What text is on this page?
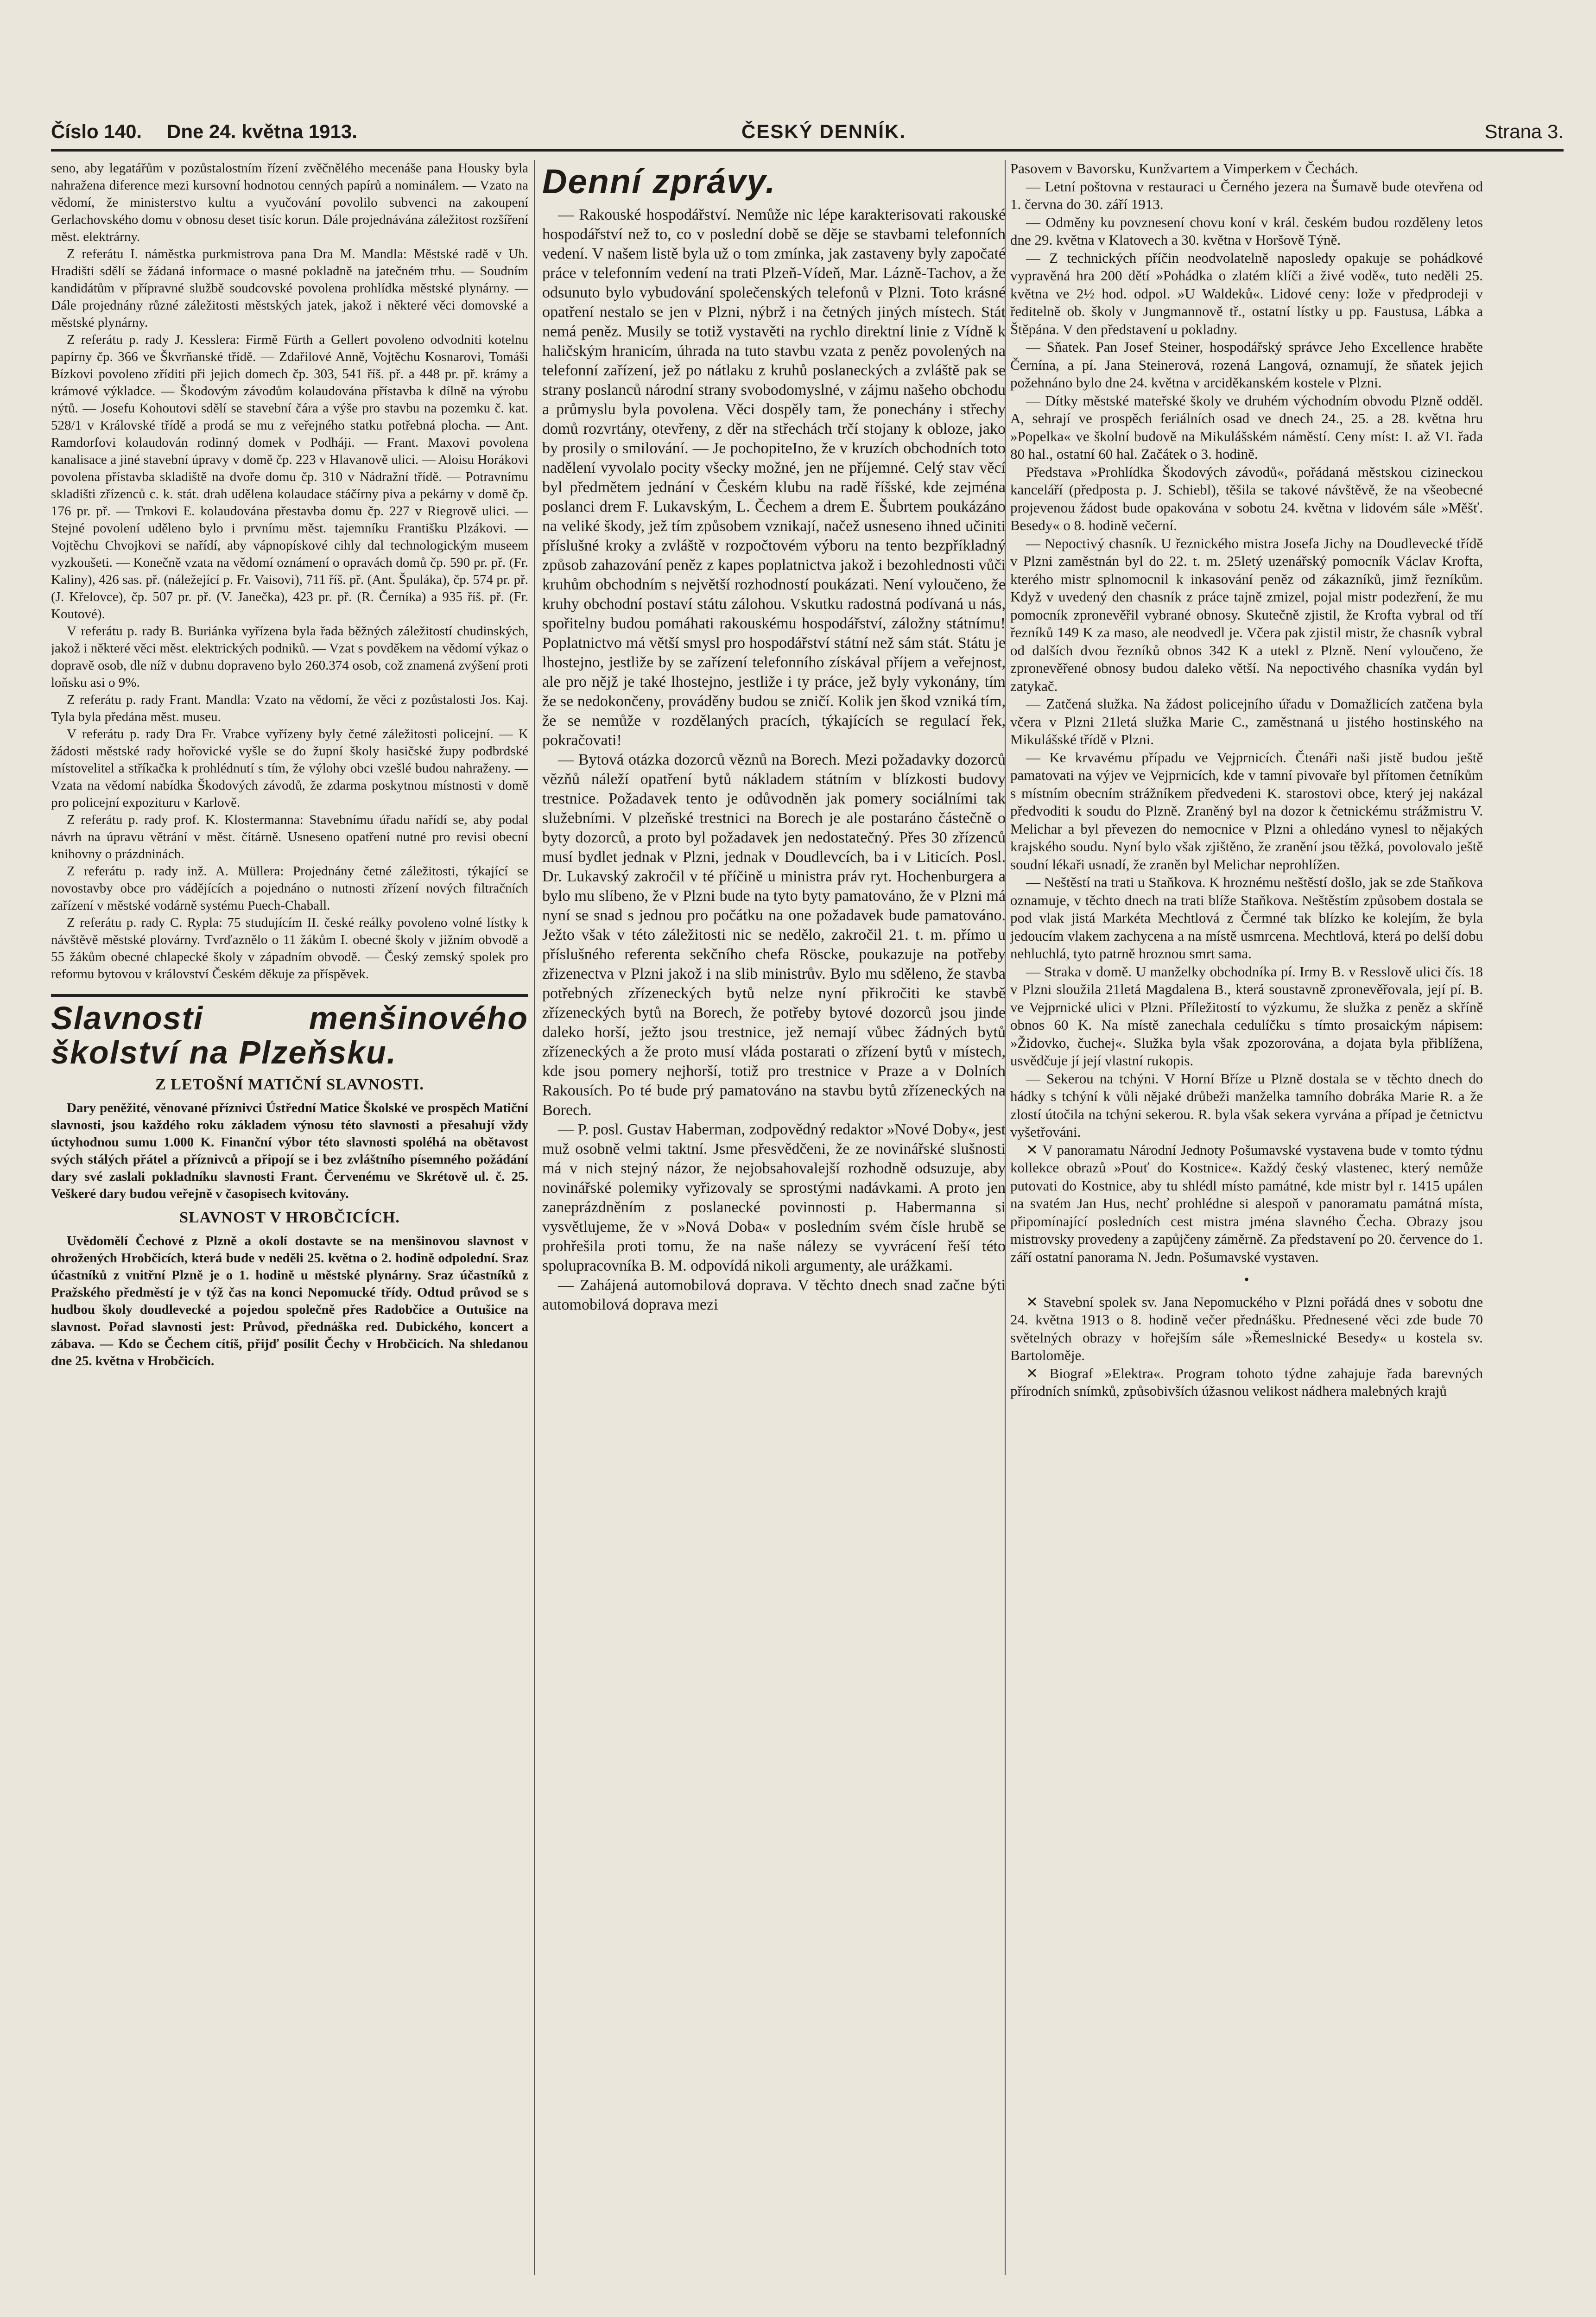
Číslo 140. Dne 24. května 1913.	ČESKÝ DENNÍK.	Strana 3.

seno, aby legatářům v pozůstalostním řízení zvěčnělého mecenáše pana Housky byla nahražena diference mezi kursovní hodnotou cenných papírů a nominálem. — Vzato na vědomí, že ministerstvo kultu a vyučování povolilo subvenci na zakoupení Gerlachovského domu v obnosu deset tisíc korun. Dále projednávána záležitost rozšíření měst. elektrárny.

Z referátu I. náměstka purkmistrova pana Dra M. Mandla: Městské radě v Uh. Hradišti sdělí se žádaná informace o masné pokladně na jatečném trhu. — Soudním kandidátům v přípravné službě soudcovské povolena prohlídka městské plynárny. — Dále projednány různé záležitosti městských jatek, jakož i některé věci domovské a městské plynárny.

Z referátu p. rady J. Kesslera: Firmě Fürth a Gellert povoleno odvodniti kotelnu papírny čp. 366 ve Škvrňanské třídě. — Zdařilové Anně, Vojtěchu Kosnarovi, Tomáši Bízkovi povoleno zříditi při jejich domech čp. 303, 541 říš. př. a 448 pr. př. krámy a krámové výkladce. — Škodovým závodům kolaudována přístavba k dílně na výrobu nýtů. — Josefu Kohoutovi sdělí se stavební čára a výše pro stavbu na pozemku č. kat. 528/1 v Královské třídě a prodá se mu z veřejného statku potřebná plocha. — Ant. Ramdorfovi kolaudován rodinný domek v Podháji. — Frant. Maxovi povolena kanalisace a jiné stavební úpravy v domě čp. 223 v Hlavanově ulici. — Aloisu Horákovi povolena přístavba skladiště na dvoře domu čp. 310 v Nádražní třídě. — Potravnímu skladišti zřízenců c. k. stát. drah udělena kolaudace stáčírny piva a pekárny v domě čp. 176 pr. př. — Trnkovi E. kolaudována přestavba domu čp. 227 v Riegrově ulici. — Stejné povolení uděleno bylo i prvnímu měst. tajemníku Františku Plzákovi. — Vojtěchu Chvojkovi se nařídí, aby vápnopískové cihly dal technologickým museem vyzkoušeti. — Konečně vzata na vědomí oznámení o opravách domů čp. 590 pr. př. (Fr. Kaliny), 426 sas. př. (náležející p. Fr. Vaisovi), 711 říš. př. (Ant. Špuláka), čp. 574 pr. př. (J. Křelovce), čp. 507 pr. př. (V. Janečka), 423 pr. př. (R. Černíka) a 935 říš. př. (Fr. Koutové).

V referátu p. rady B. Buriánka vyřízena byla řada běžných záležitostí chudinských, jakož i některé věci měst. elektrických podniků. — Vzat s povděkem na vědomí výkaz o dopravě osob, dle níž v dubnu dopraveno bylo 260.374 osob, což znamená zvýšení proti loňsku asi o 9%.

Z referátu p. rady Frant. Mandla: Vzato na vědomí, že věci z pozůstalosti Jos. Kaj. Tyla byla předána měst. museu.

V referátu p. rady Dra Fr. Vrabce vyřízeny byly četné záležitosti policejní. — K žádosti městské rady hořovické vyšle se do župní školy hasičské župy podbrdské místovelitel a stříkačka k prohlédnutí s tím, že výlohy obci vzešlé budou nahraženy. — Vzata na vědomí nabídka Škodových závodů, že zdarma poskytnou místnosti v domě pro policejní expozituru v Karlově.

Z referátu p. rady prof. K. Klostermanna: Stavebnímu úřadu nařídí se, aby podal návrh na úpravu větrání v měst. čítárně. Usneseno opatření nutné pro revisi obecní knihovny o prázdninách.

Z referátu p. rady inž. A. Müllera: Projednány četné záležitosti, týkající se novostavby obce pro vádějících a pojednáno o nutnosti zřízení nových filtračních zařízení v městské vodárně systému Puech-Chaball.

Z referátu p. rady C. Rypla: 75 studujícím II. české reálky povoleno volné lístky k návštěvě městské plovárny. Tvrďaznělo o 11 žákům I. obecné školy v jižním obvodě a 55 žákům obecné chlapecké školy v západním obvodě. — Český zemský spolek pro reformu bytovou v království Českém děkuje za příspěvek.

Slavnosti menšinového školství na Plzeňsku.
Z LETOŠNÍ MATIČNÍ SLAVNOSTI.

Dary peněžité, věnované příznivci Ústřední Matice Školské ve prospěch Matiční slavnosti, jsou každého roku základem výnosu této slavnosti a přesahují vždy úctyhodnou sumu 1.000 K. Finanční výbor této slavnosti spoléhá na obětavost svých stálých přátel a příznivců a připojí se i bez zvláštního písemného požádání dary své zaslali pokladníku slavnosti Frant. Červenému ve Skrétově ul. č. 25. Veškeré dary budou veřejně v časopisech kvitovány.

SLAVNOST V HROBČICÍCH.

Uvědomělí Čechové z Plzně a okolí dostavte se na menšinovou slavnost v ohrožených Hrobčicích, která bude v neděli 25. května o 2. hodině odpolední. Sraz účastníků z vnitřní Plzně je o 1. hodině u městské plynárny. Sraz účastníků z Pražského předměstí je v týž čas na konci Nepomucké třídy. Odtud průvod se s hudbou školy doudlevecké a pojedou společně přes Radobčice a Outušice na slavnost. Pořad slavnosti jest: Průvod, přednáška red. Dubického, koncert a zábava. — Kdo se Čechem cítíš, přijď posílit Čechy v Hrobčicích. Na shledanou dne 25. května v Hrobčicích.

Denní zprávy.

— Rakouské hospodářství. Nemůže nic lépe karakterisovati rakouské hospodářství než to, co v poslední době se děje se stavbami telefonních vedení. V našem listě byla už o tom zmínka, jak zastaveny byly započaté práce v telefonním vedení na trati Plzeň-Vídeň, Mar. Lázně-Tachov, a že odsunuto bylo vybudování společenských telefonů v Plzni. Toto krásné opatření nestalo se jen v Plzni, nýbrž i na četných jiných místech. Stát nemá peněz. Musily se totiž vystavěti na rychlo direktní linie z Vídně k haličským hranicím, úhrada na tuto stavbu vzata z peněz povolených na telefonní zařízení, jež po nátlaku z kruhů poslaneckých a zvláště pak se strany poslanců národní strany svobodomyslné, v zájmu našeho obchodu a průmyslu byla povolena. Věci dospěly tam, že ponechány i střechy domů rozvrtány, otevřeny, z děr na střechách trčí stojany k obloze, jako by prosily o smilování. — Je pochopiteIno, že v kruzích obchodních toto nadělení vyvolalo pocity všecky možné, jen ne příjemné. Celý stav věcí byl předmětem jednání v Českém klubu na radě říšské, kde zejména poslanci drem F. Lukavským, L. Čechem a drem E. Šubrtem poukázáno na veliké škody, jež tím způsobem vznikají, načež usneseno ihned učiniti příslušné kroky a zvláště v rozpočtovém výboru na tento bezpříkladný způsob zahazování peněz z kapes poplatnictva jakož i bezohlednosti vůči kruhům obchodním s největší rozhodností poukázati. Není vyloučeno, že kruhy obchodní postaví státu zálohou. Vskutku radostná podívaná u nás, spořitelny budou pomáhati rakouskému hospodářství, záložny státnímu! Poplatnictvo má větší smysl pro hospodářství státní než sám stát. Státu je lhostejno, jestliže by se zařízení telefonního získával příjem a veřejnost, ale pro nějž je také lhostejno, jestliže i ty práce, jež byly vykonány, tím že se nedokončeny, prováděny budou se zničí. Kolik jen škod vzniká tím, že se nemůže v rozdělaných pracích, týkajících se regulací řek, pokračovati!

— Bytová otázka dozorců věznů na Borech. Mezi požadavky dozorců vězňů náleží opatření bytů nákladem státním v blízkosti budovy trestnice. Požadavek tento je odůvodněn jak pomery sociálními tak služebními. V plzeňské trestnici na Borech je ale postaráno částečně o byty dozorců, a proto byl požadavek jen nedostatečný. Přes 30 zřízenců musí bydlet jednak v Plzni, jednak v Doudlevcích, ba i v Liticích. Posl. Dr. Lukavský zakročil v té příčině u ministra práv ryt. Hochenburgera a bylo mu slíbeno, že v Plzni bude na tyto byty pamatováno, že v Plzni má nyní se snad s jednou pro počátku na one požadavek bude pamatováno. Ježto však v této záležitosti nic se nedělo, zakročil 21. t. m. přímo u příslušného referenta sekčního chefa Röscke, poukazuje na potřeby zřizenectva v Plzni jakož i na slib ministrův. Bylo mu sděleno, že stavba potřebných zřízeneckých bytů nelze nyní přikročiti ke stavbě zřízeneckých bytů na Borech, že potřeby bytové dozorců jsou jinde daleko horší, ježto jsou trestnice, jež nemají vůbec žádných bytů zřízeneckých a že proto musí vláda postarati o zřízení bytů v místech, kde jsou pomery nejhorší, totiž pro trestnice v Praze a v Dolních Rakousích. Po té bude prý pamatováno na stavbu bytů zřízeneckých na Borech.

— P. posl. Gustav Haberman, zodpovědný redaktor »Nové Doby«, jest muž osobně velmi taktní. Jsme přesvědčeni, že ze novinářské slušnosti má v nich stejný názor, že nejobsahovalejší rozhodně odsuzuje, aby novinářské polemiky vyřizovaly se sprostými nadávkami. A proto jen zaneprázdněním z poslanecké povinnosti p. Habermanna si vysvětlujeme, že v »Nová Doba« v posledním svém čísle hrubě se prohřešila proti tomu, že na naše nálezy se vyvrácení řeší této spolupracovníka B. M. odpovídá nikoli argumenty, ale urážkami.

— Zahájená automobilová doprava. V těchto dnech snad začne býti automobilová doprava mezi

Pasovem v Bavorsku, Kunžvartem a Vimperkem v Čechách.

— Letní poštovna v restauraci u Černého jezera na Šumavě bude otevřena od 1. června do 30. září 1913.

— Odměny ku povznesení chovu koní v král. českém budou rozděleny letos dne 29. května v Klatovech a 30. května v Horšově Týně.

— Z technických příčin neodvolatelně naposledy opakuje se pohádkové vypravěná hra 200 dětí »Pohádka o zlatém klíči a živé vodě«, tuto neděli 25. května ve 2½ hod. odpol. »U Waldeků«. Lidové ceny: lože v předprodeji v ředitelně ob. školy v Jungmannově tř., ostatní lístky u pp. Faustusa, Lábka a Štěpána. V den představení u pokladny.

— Sňatek. Pan Josef Steiner, hospodářský správce Jeho Excellence hraběte Černína, a pí. Jana Steinerová, rozená Langová, oznamují, že sňatek jejich požehnáno bylo dne 24. května v arciděkanském kostele v Plzni.

— Dítky městské mateřské školy ve druhém východním obvodu Plzně odděl. A, sehrají ve prospěch feriálních osad ve dnech 24., 25. a 28. května hru »Popelka« ve školní budově na Mikulášském náměstí. Ceny míst: I. až VI. řada 80 hal., ostatní 60 hal. Začátek o 3. hodině.

Představa »Prohlídka Škodových závodů«, pořádaná městskou cizineckou kanceláří (předposta p. J. Schiebl), těšila se takové návštěvě, že na všeobecné projevenou žádost bude opakována v sobotu 24. května v lidovém sále »Měšť. Besedy« o 8. hodině večerní.

— Nepoctivý chasník. U řeznického mistra Josefa Jichy na Doudlevecké třídě v Plzni zaměstnán byl do 22. t. m. 25letý uzenářský pomocník Václav Krofta, kterého mistr splnomocnil k inkasování peněz od zákazníků, jimž řezníkům. Když v uvedený den chasník z práce tajně zmizel, pojal mistr podezření, že mu pomocník zpronevěřil vybrané obnosy. Skutečně zjistil, že Krofta vybral od tří řezníků 149 K za maso, ale neodvedl je. Včera pak zjistil mistr, že chasník vybral od dalších dvou řezníků obnos 342 K a utekl z Plzně. Není vyloučeno, že zpronevěřené obnosy budou daleko větší. Na nepoctivého chasníka vydán byl zatykač.

— Zatčená služka. Na žádost policejního úřadu v Domažlicích zatčena byla včera v Plzni 21letá služka Marie C., zaměstnaná u jistého hostinského na Mikulášské třídě v Plzni.

— Ke krvavému případu ve Vejprnicích. Čtenáři naši jistě budou ještě pamatovati na výjev ve Vejprnicích, kde v tamní pivovaře byl přítomen četníkům s místním obecním strážníkem předvedeni K. starostovi obce, který jej nakázal předvoditi k soudu do Plzně. Zraněný byl na dozor k četnickému strážmistru V. Melichar a byl převezen do nemocnice v Plzni a ohledáno vynesl to nějakých krajského soudu. Nyní bylo však zjištěno, že zranění jsou těžká, povolovalo ještě soudní lékaři usnadí, že zraněn byl Melichar neprohlížen.

— Neštěstí na trati u Staňkova. K hroznému neštěstí došlo, jak se zde Staňkova oznamuje, v těchto dnech na trati blíže Staňkova. Neštěstím způsobem dostala se pod vlak jistá Markéta Mechtlová z Čermné tak blízko ke kolejím, že byla jedoucím vlakem zachycena a na místě usmrcena. Mechtlová, která po delší dobu nehluchlá, tyto patrně hroznou smrt sama.

— Straka v domě. U manželky obchodníka pí. Irmy B. v Resslově ulici čís. 18 v Plzni sloužila 21letá Magdalena B., která soustavně zpronevěřovala, její pí. B. ve Vejprnické ulici v Plzni. Příležitostí to výzkumu, že služka z peněz a skříně obnos 60 K. Na místě zanechala cedulíčku s tímto prosaickým nápisem: »Židovko, čuchej«. Služka byla však zpozorována, a dojata byla přiblížena, usvědčuje jí její vlastní rukopis.

— Sekerou na tchýni. V Horní Bříze u Plzně dostala se v těchto dnech do hádky s tchýní k vůli nějaké drůbeži manželka tamního dobráka Marie R. a že zlostí útočila na tchýni sekerou. R. byla však sekera vyrvána a případ je četnictvu vyšetřováni.

✕ V panoramatu Národní Jednoty Pošumavské vystavena bude v tomto týdnu kollekce obrazů »Pouť do Kostnice«. Každý český vlastenec, který nemůže putovati do Kostnice, aby tu shlédl místo památné, kde mistr byl r. 1415 upálen na svatém Jan Hus, nechť prohlédne si alespoň v panoramatu památná místa, připomínající posledních cest mistra jména slavného Čecha. Obrazy jsou mistrovsky provedeny a zapůjčeny záměrně. Za představení po 20. července do 1. září ostatní panorama N. Jedn. Pošumavské vystaven.

•

✕ Stavební spolek sv. Jana Nepomuckého v Plzni pořádá dnes v sobotu dne 24. května 1913 o 8. hodině večer přednášku. Přednesené věci zde bude 70 světelných obrazy v hořejším sále »Řemeslnické Besedy« u kostela sv. Bartoloměje.

✕ Biograf »Elektra«. Program tohoto týdne zahajuje řada barevných přírodních snímků, způsobivších úžasnou velikost nádhera malebných krajů
